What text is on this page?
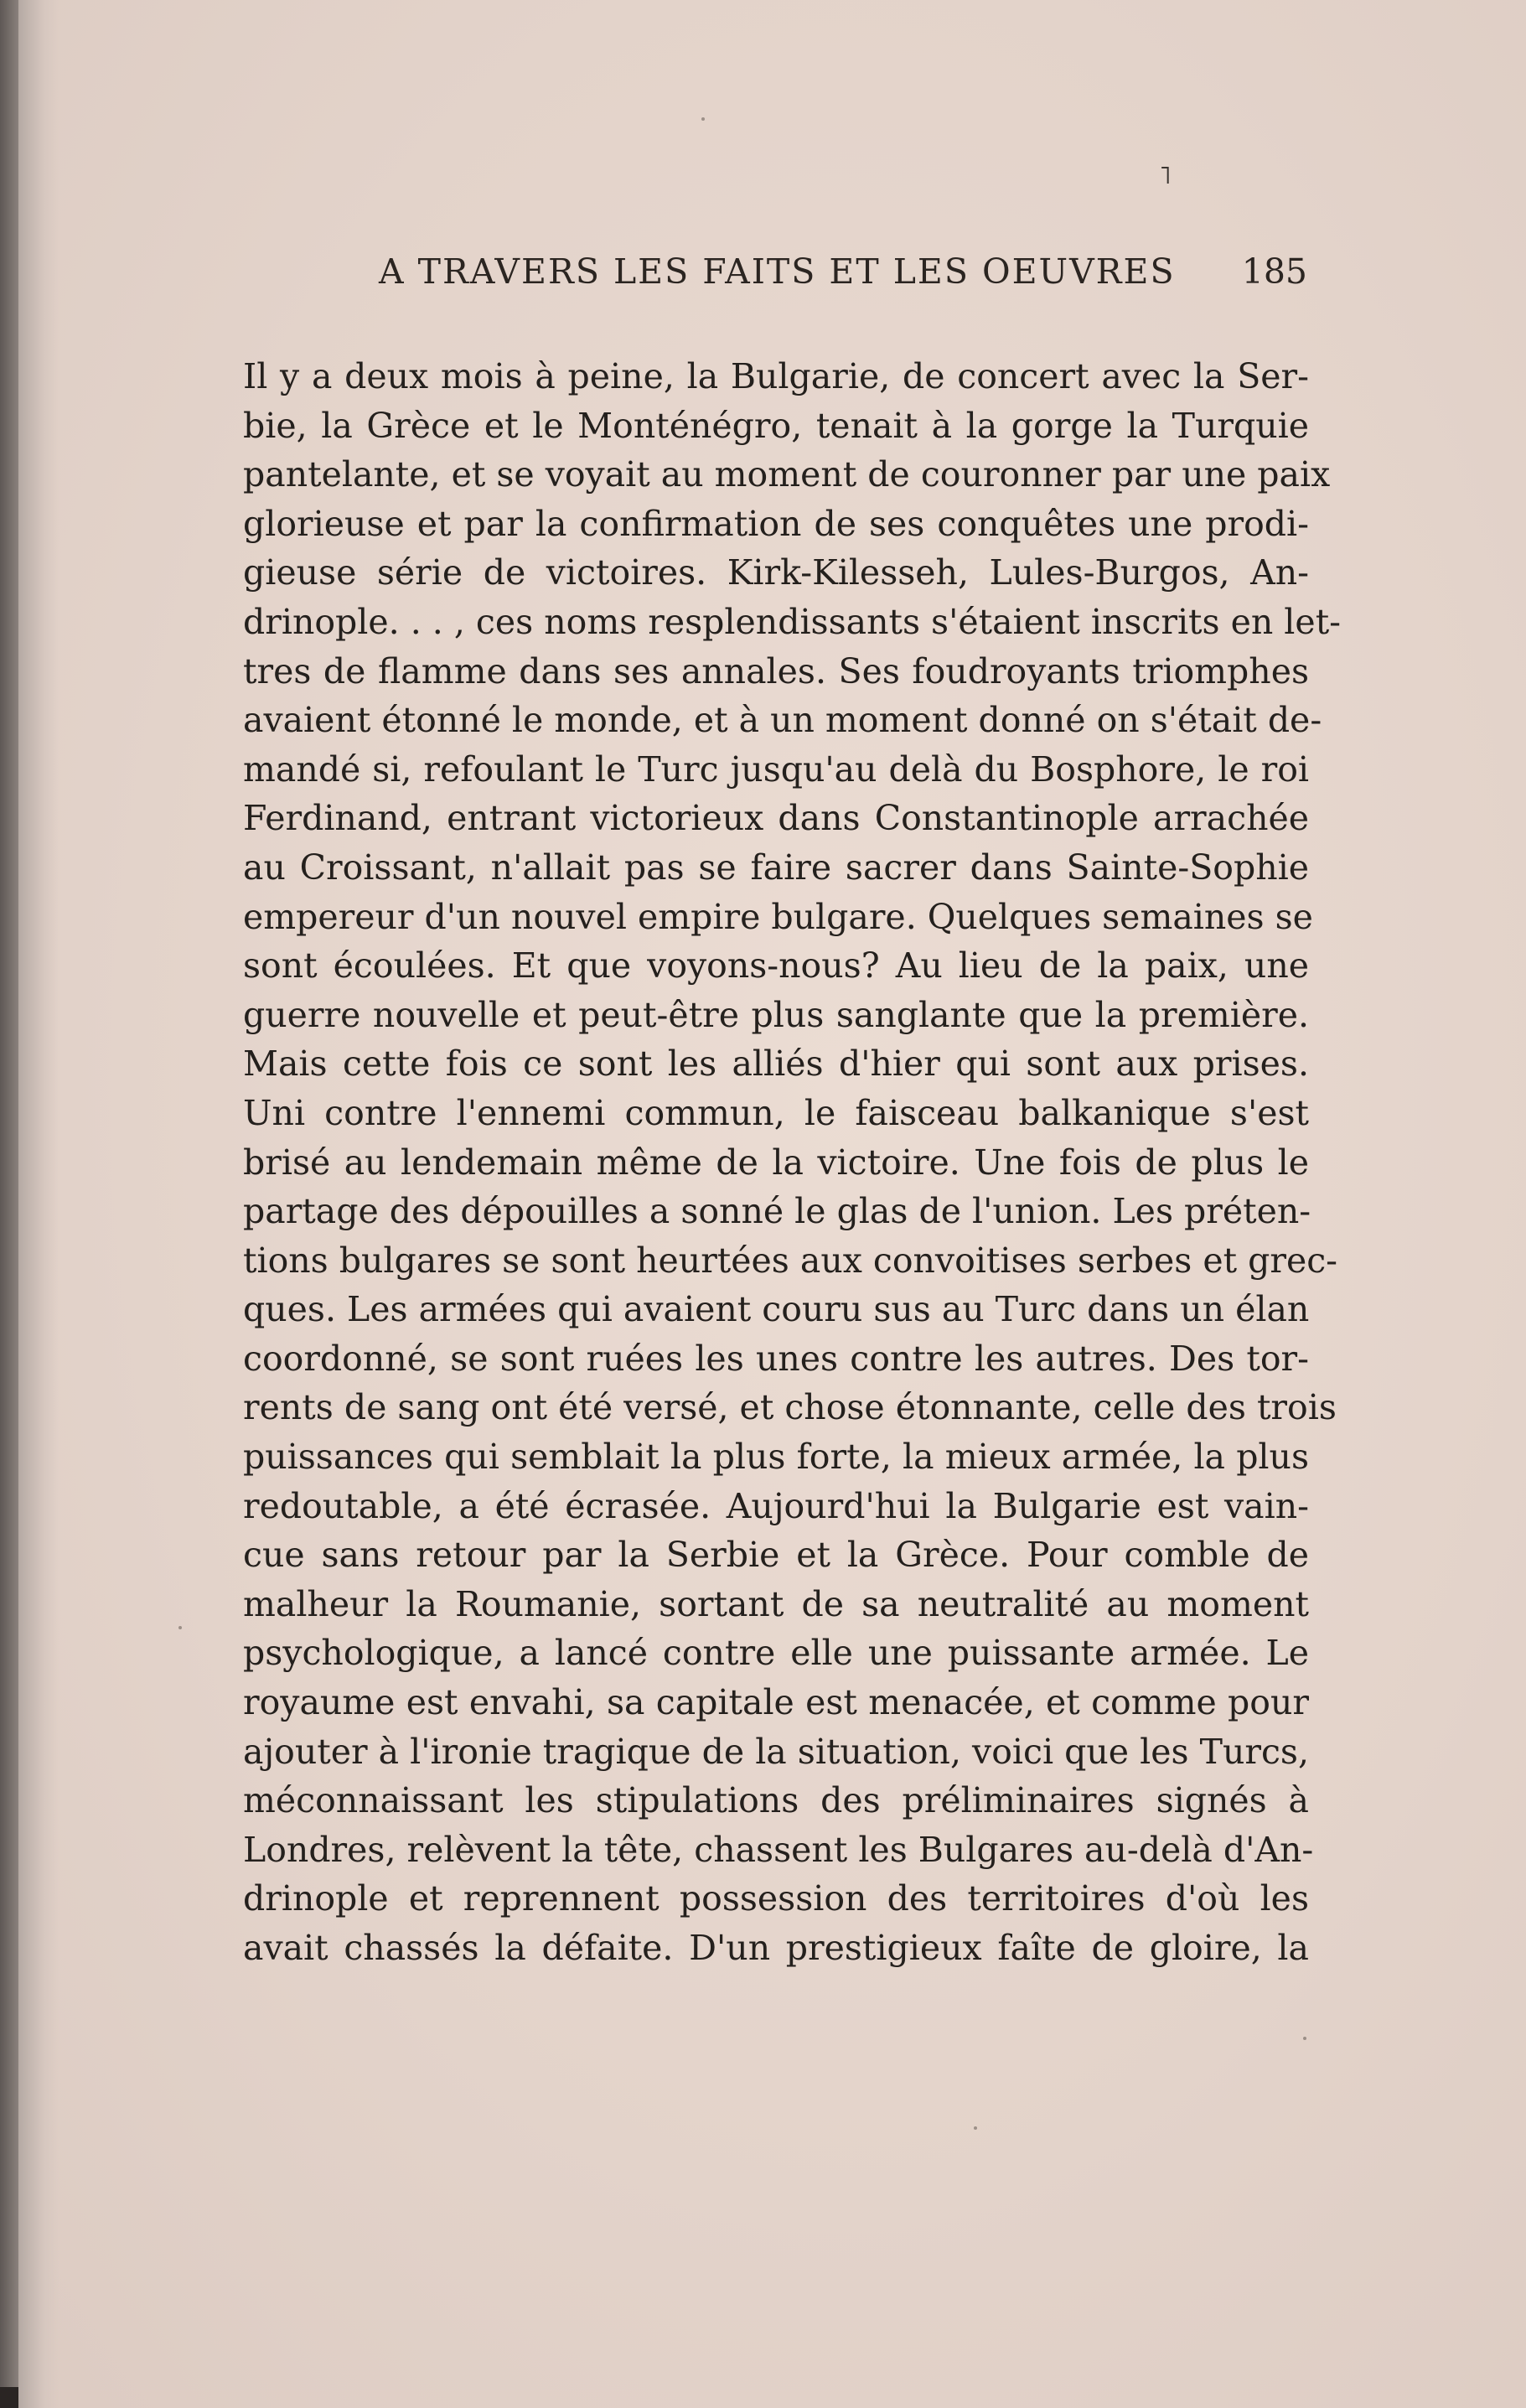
˥
A TRAVERS LES FAITS ET LES OEUVRES 185
Il y a deux mois à peine, la Bulgarie, de concert avec la Ser-
bie, la Grèce et le Monténégro, tenait à la gorge la Turquie
pantelante, et se voyait au moment de couronner par une paix
glorieuse et par la confirmation de ses conquêtes une prodi-
gieuse série de victoires. Kirk-Kilesseh, Lules-Burgos, An-
drinople. . . , ces noms resplendissants s'étaient inscrits en let-
tres de flamme dans ses annales. Ses foudroyants triomphes
avaient étonné le monde, et à un moment donné on s'était de-
mandé si, refoulant le Turc jusqu'au delà du Bosphore, le roi
Ferdinand, entrant victorieux dans Constantinople arrachée
au Croissant, n'allait pas se faire sacrer dans Sainte-Sophie
empereur d'un nouvel empire bulgare. Quelques semaines se
sont écoulées. Et que voyons-nous? Au lieu de la paix, une
guerre nouvelle et peut-être plus sanglante que la première.
Mais cette fois ce sont les alliés d'hier qui sont aux prises.
Uni contre l'ennemi commun, le faisceau balkanique s'est
brisé au lendemain même de la victoire. Une fois de plus le
partage des dépouilles a sonné le glas de l'union. Les préten-
tions bulgares se sont heurtées aux convoitises serbes et grec-
ques. Les armées qui avaient couru sus au Turc dans un élan
coordonné, se sont ruées les unes contre les autres. Des tor-
rents de sang ont été versé, et chose étonnante, celle des trois
puissances qui semblait la plus forte, la mieux armée, la plus
redoutable, a été écrasée. Aujourd'hui la Bulgarie est vain-
cue sans retour par la Serbie et la Grèce. Pour comble de
malheur la Roumanie, sortant de sa neutralité au moment
psychologique, a lancé contre elle une puissante armée. Le
royaume est envahi, sa capitale est menacée, et comme pour
ajouter à l'ironie tragique de la situation, voici que les Turcs,
méconnaissant les stipulations des préliminaires signés à
Londres, relèvent la tête, chassent les Bulgares au-delà d'An-
drinople et reprennent possession des territoires d'où les
avait chassés la défaite. D'un prestigieux faîte de gloire, la
